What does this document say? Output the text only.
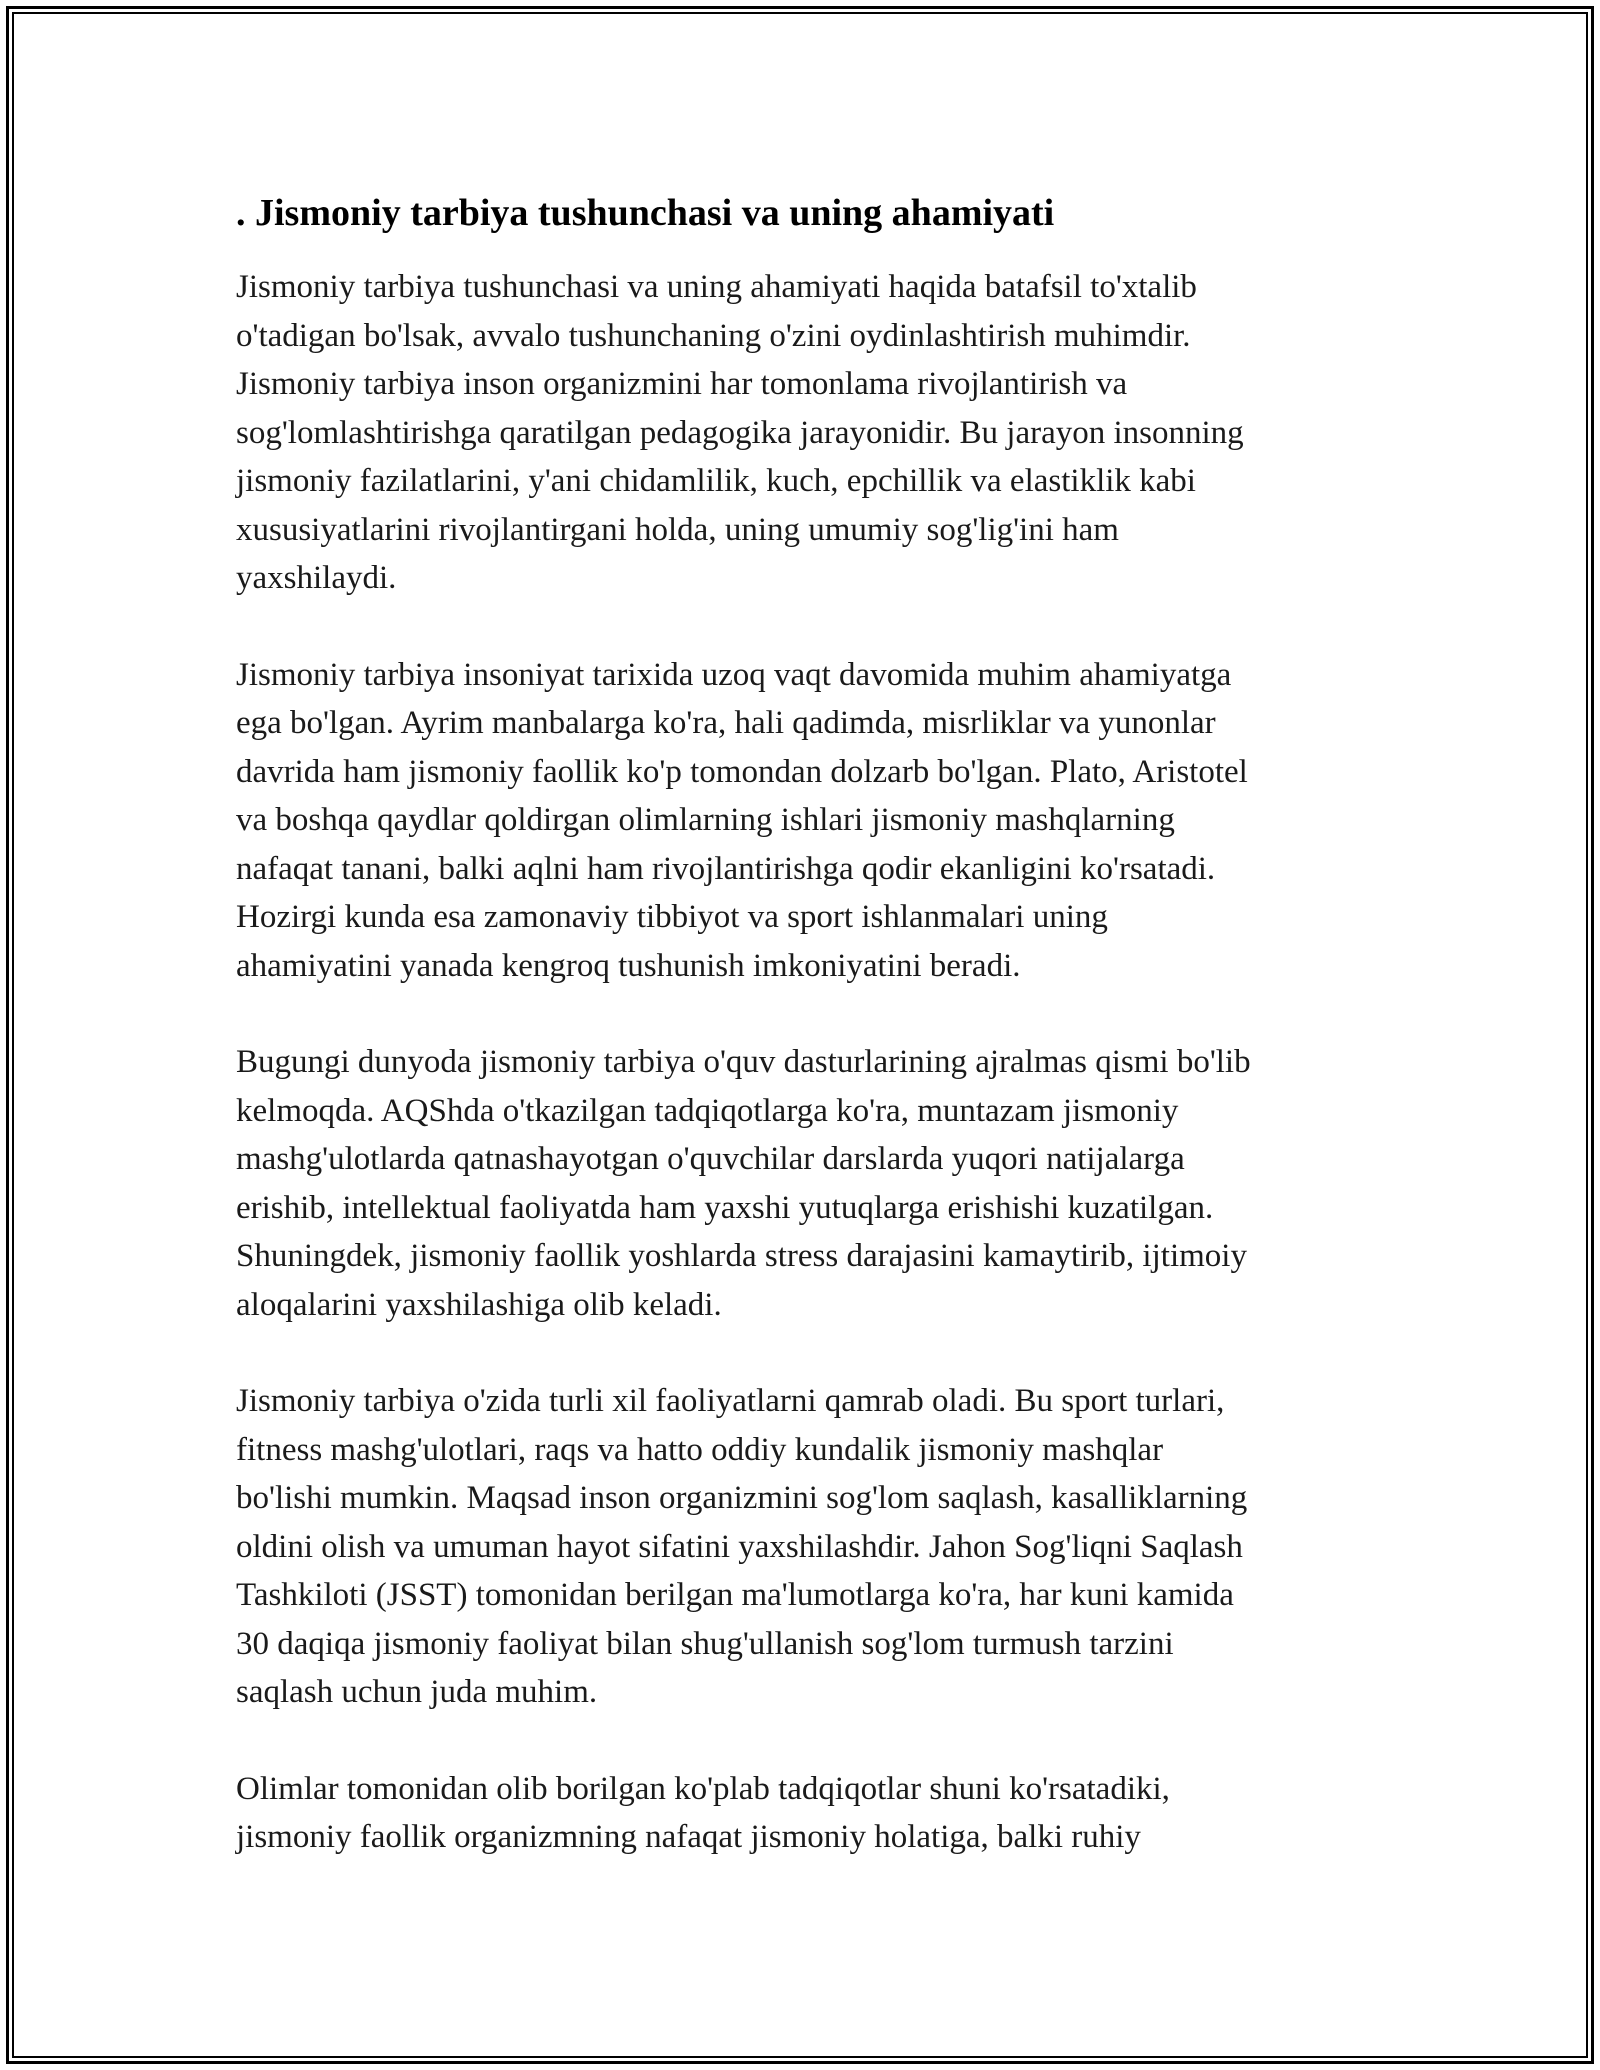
. Jismoniy tarbiya tushunchasi va uning ahamiyati

Jismoniy tarbiya tushunchasi va uning ahamiyati haqida batafsil to'xtalib
o'tadigan bo'lsak, avvalo tushunchaning o'zini oydinlashtirish muhimdir.
Jismoniy tarbiya inson organizmini har tomonlama rivojlantirish va
sog'lomlashtirishga qaratilgan pedagogika jarayonidir. Bu jarayon insonning
jismoniy fazilatlarini, y'ani chidamlilik, kuch, epchillik va elastiklik kabi
xususiyatlarini rivojlantirgani holda, uning umumiy sog'lig'ini ham
yaxshilaydi.

Jismoniy tarbiya insoniyat tarixida uzoq vaqt davomida muhim ahamiyatga
ega bo'lgan. Ayrim manbalarga ko'ra, hali qadimda, misrliklar va yunonlar
davrida ham jismoniy faollik ko'p tomondan dolzarb bo'lgan. Plato, Aristotel
va boshqa qaydlar qoldirgan olimlarning ishlari jismoniy mashqlarning
nafaqat tanani, balki aqlni ham rivojlantirishga qodir ekanligini ko'rsatadi.
Hozirgi kunda esa zamonaviy tibbiyot va sport ishlanmalari uning
ahamiyatini yanada kengroq tushunish imkoniyatini beradi.

Bugungi dunyoda jismoniy tarbiya o'quv dasturlarining ajralmas qismi bo'lib
kelmoqda. AQShda o'tkazilgan tadqiqotlarga ko'ra, muntazam jismoniy
mashg'ulotlarda qatnashayotgan o'quvchilar darslarda yuqori natijalarga
erishib, intellektual faoliyatda ham yaxshi yutuqlarga erishishi kuzatilgan.
Shuningdek, jismoniy faollik yoshlarda stress darajasini kamaytirib, ijtimoiy
aloqalarini yaxshilashiga olib keladi.

Jismoniy tarbiya o'zida turli xil faoliyatlarni qamrab oladi. Bu sport turlari,
fitness mashg'ulotlari, raqs va hatto oddiy kundalik jismoniy mashqlar
bo'lishi mumkin. Maqsad inson organizmini sog'lom saqlash, kasalliklarning
oldini olish va umuman hayot sifatini yaxshilashdir. Jahon Sog'liqni Saqlash
Tashkiloti (JSST) tomonidan berilgan ma'lumotlarga ko'ra, har kuni kamida
30 daqiqa jismoniy faoliyat bilan shug'ullanish sog'lom turmush tarzini
saqlash uchun juda muhim.

Olimlar tomonidan olib borilgan ko'plab tadqiqotlar shuni ko'rsatadiki,
jismoniy faollik organizmning nafaqat jismoniy holatiga, balki ruhiy
